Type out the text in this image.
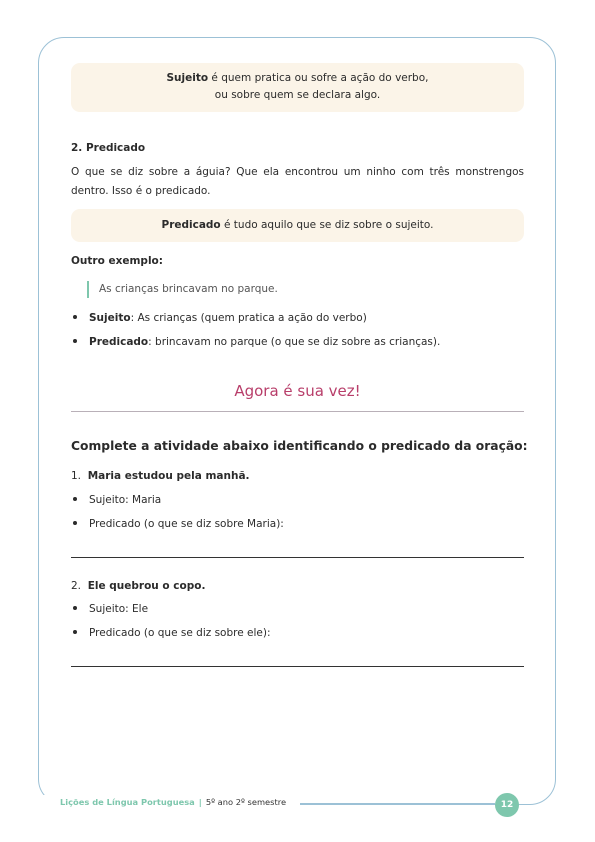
Sujeito é quem pratica ou sofre a ação do verbo,
ou sobre quem se declara algo.
2. Predicado
O que se diz sobre a águia? Que ela encontrou um ninho com três monstrengos dentro. Isso é o predicado.
Predicado é tudo aquilo que se diz sobre o sujeito.
Outro exemplo:
As crianças brincavam no parque.
Sujeito: As crianças (quem pratica a ação do verbo)
Predicado: brincavam no parque (o que se diz sobre as crianças).
Agora é sua vez!
Complete a atividade abaixo identificando o predicado da oração:
1. Maria estudou pela manhã.
Sujeito: Maria
Predicado (o que se diz sobre Maria):
2. Ele quebrou o copo.
Sujeito: Ele
Predicado (o que se diz sobre ele):
Lições de Língua Portuguesa | 5º ano 2º semestre	12
